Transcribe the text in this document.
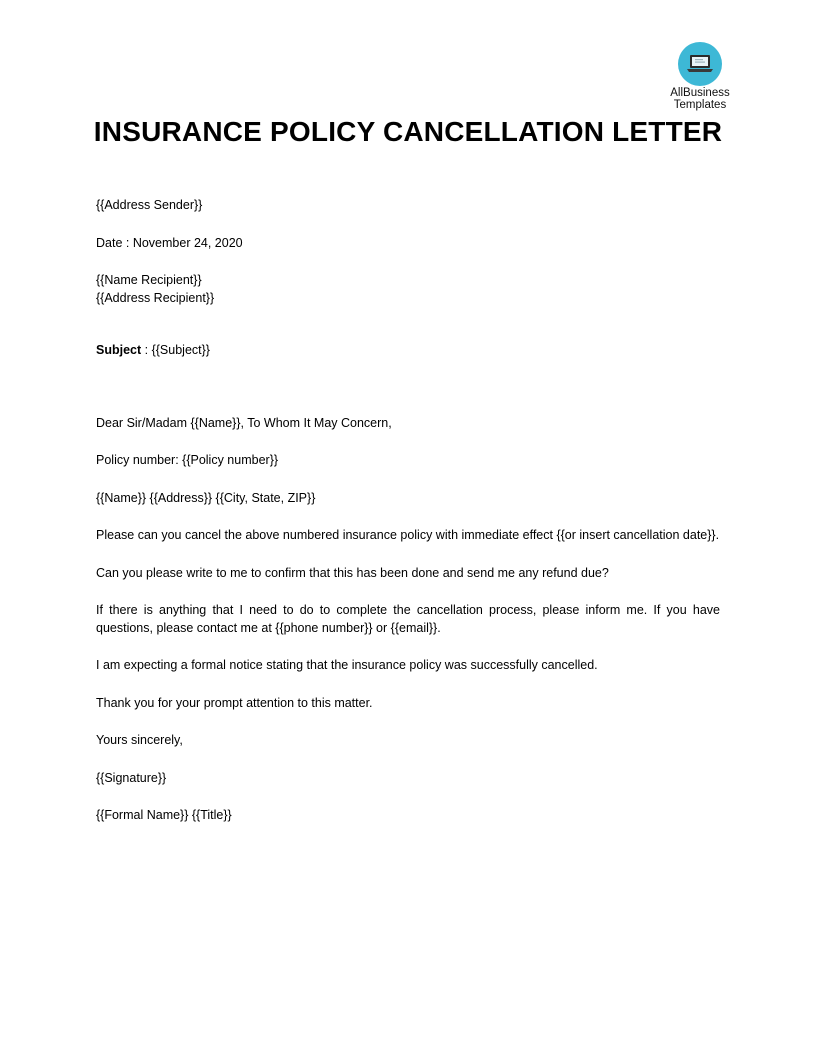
AllBusiness
Templates
INSURANCE POLICY CANCELLATION LETTER

{{Address Sender}}

Date : November 24, 2020

{{Name Recipient}}

{{Address Recipient}}

Subject : {{Subject}}

Dear Sir/Madam {{Name}}, To Whom It May Concern,

Policy number: {{Policy number}}

{{Name}} {{Address}} {{City, State, ZIP}}

Please can you cancel the above numbered insurance policy with immediate effect {{or insert cancellation date}}.

Can you please write to me to confirm that this has been done and send me any refund due?

If there is anything that I need to do to complete the cancellation process, please inform me. If you have questions, please contact me at {{phone number}} or {{email}}.

I am expecting a formal notice stating that the insurance policy was successfully cancelled.

Thank you for your prompt attention to this matter.

Yours sincerely,

{{Signature}}

{{Formal Name}} {{Title}}
